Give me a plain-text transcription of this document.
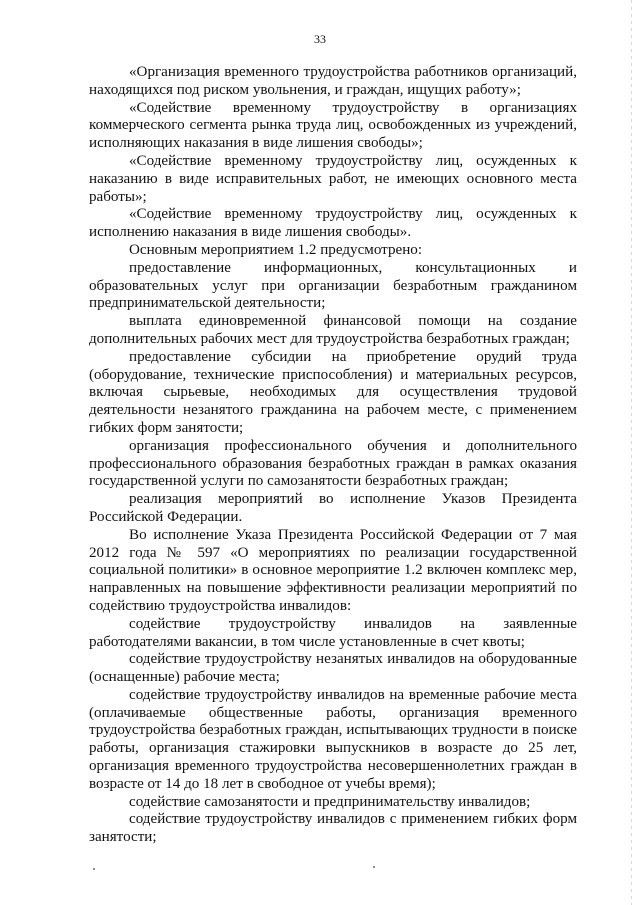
33

«Организация временного трудоустройства работников организаций, находящихся под риском увольнения, и граждан, ищущих работу»;

«Содействие временному трудоустройству в организациях коммерческого сегмента рынка труда лиц, освобожденных из учреждений, исполняющих наказания в виде лишения свободы»;

«Содействие временному трудоустройству лиц, осужденных к наказанию в виде исправительных работ, не имеющих основного места работы»;

«Содействие временному трудоустройству лиц, осужденных к исполнению наказания в виде лишения свободы».

Основным мероприятием 1.2 предусмотрено:

предоставление информационных, консультационных и образовательных услуг при организации безработным гражданином предпринимательской деятельности;

выплата единовременной финансовой помощи на создание дополнительных рабочих мест для трудоустройства безработных граждан;

предоставление субсидии на приобретение орудий труда (оборудование, технические приспособления) и материальных ресурсов, включая сырьевые, необходимых для осуществления трудовой деятельности незанятого гражданина на рабочем месте, с применением гибких форм занятости;

организация профессионального обучения и дополнительного профессионального образования безработных граждан в рамках оказания государственной услуги по самозанятости безработных граждан;

реализация мероприятий во исполнение Указов Президента Российской Федерации.

Во исполнение Указа Президента Российской Федерации от 7 мая 2012 года № 597 «О мероприятиях по реализации государственной социальной политики» в основное мероприятие 1.2 включен комплекс мер, направленных на повышение эффективности реализации мероприятий по содействию трудоустройства инвалидов:

содействие трудоустройству инвалидов на заявленные работодателями вакансии, в том числе установленные в счет квоты;

содействие трудоустройству незанятых инвалидов на оборудованные (оснащенные) рабочие места;

содействие трудоустройству инвалидов на временные рабочие места (оплачиваемые общественные работы, организация временного трудоустройства безработных граждан, испытывающих трудности в поиске работы, организация стажировки выпускников в возрасте до 25 лет, организация временного трудоустройства несовершеннолетних граждан в возрасте от 14 до 18 лет в свободное от учебы время);

содействие самозанятости и предпринимательству инвалидов;

содействие трудоустройству инвалидов с применением гибких форм занятости;
